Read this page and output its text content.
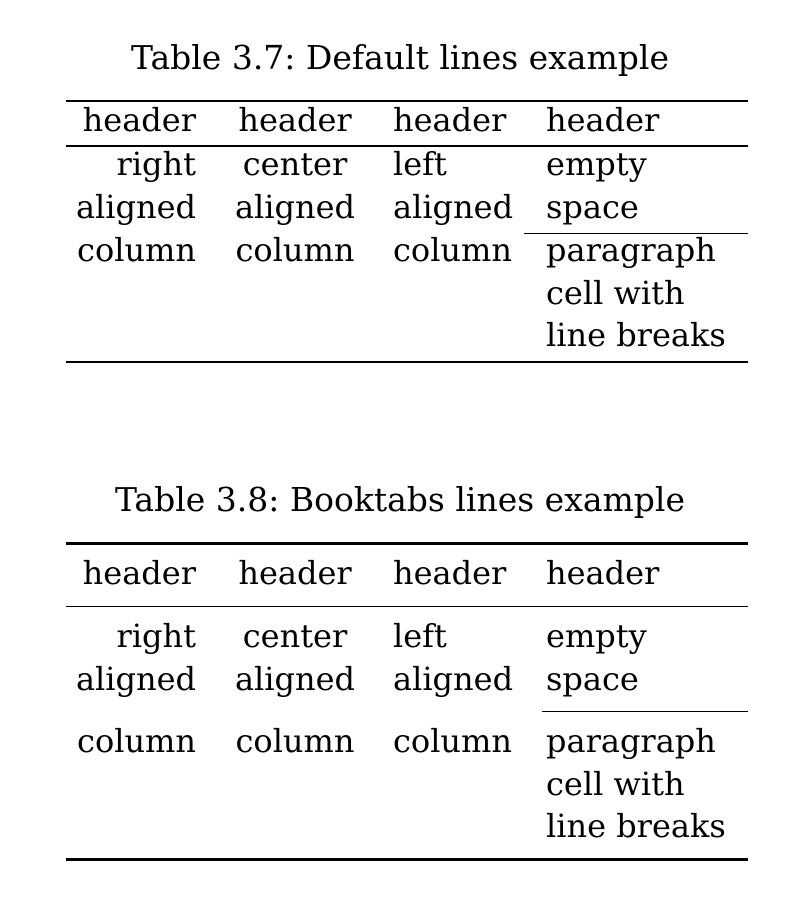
Table 3.7: Default lines example
header header header	header
right
aligned
column
center
aligned
column
left
aligned
column
empty
space
paragraph
cell with
line breaks
Table 3.8: Booktabs lines example
header header header	header
right
aligned
column
center
aligned
column
left
aligned
column
empty
space
paragraph
cell with
line breaks
